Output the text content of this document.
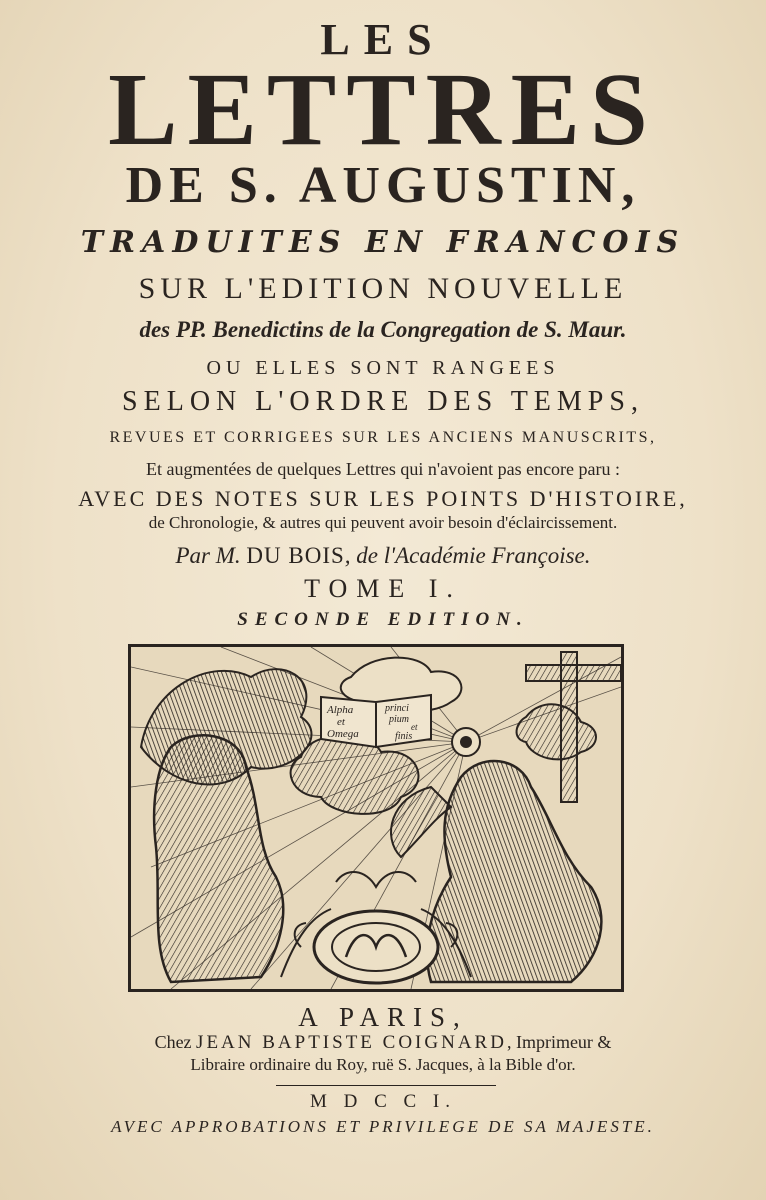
LES
LETTRES
DE S. AUGUSTIN,
TRADUITES EN FRANCOIS
SUR L'EDITION NOUVELLE
des PP. Benedictins de la Congregation de S. Maur.
OU ELLES SONT RANGEES
SELON L'ORDRE DES TEMPS,
REVUES ET CORRIGEES SUR LES ANCIENS MANUSCRITS,
Et augmentées de quelques Lettres qui n'avoient pas encore paru :
AVEC DES NOTES SUR LES POINTS D'HISTOIRE,
de Chronologie, & autres qui peuvent avoir besoin d'éclaircissement.
Par M. DU BOIS, de l'Académie Françoise.
TOME I.
SECONDE EDITION.
Alpha
et
Omega
princi
pium
et
finis
A PARIS,
Chez JEAN BAPTISTE COIGNARD, Imprimeur &
Libraire ordinaire du Roy, ruë S. Jacques, à la Bible d'or.
M D C C I.
AVEC APPROBATIONS ET PRIVILEGE DE SA MAJESTE.
